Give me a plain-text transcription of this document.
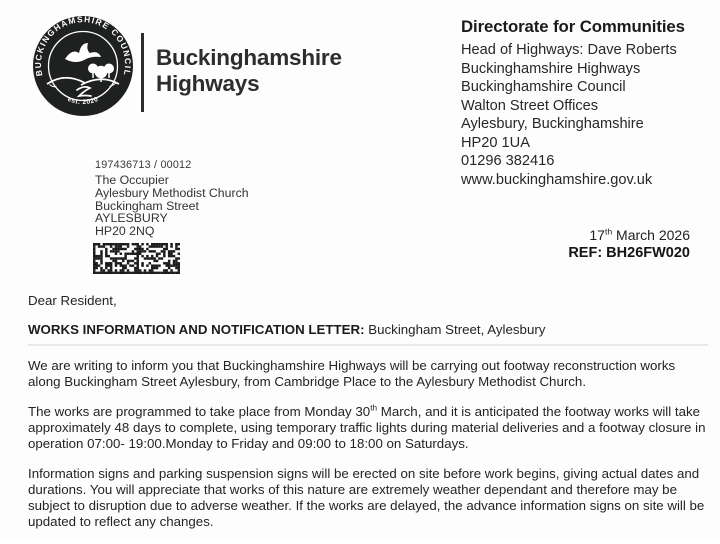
BUCKINGHAMSHIRE COUNCIL
est. 2020
Buckinghamshire
Highways
Directorate for Communities
Head of Highways: Dave Roberts
Buckinghamshire Highways
Buckinghamshire Council
Walton Street Offices
Aylesbury, Buckinghamshire
HP20 1UA
01296 382416
www.buckinghamshire.gov.uk
197436713 / 00012
The Occupier
Aylesbury Methodist Church
Buckingham Street
AYLESBURY
HP20 2NQ	17th March 2026
REF: BH26FW020

Dear Resident,

WORKS INFORMATION AND NOTIFICATION LETTER: Buckingham Street, Aylesbury

We are writing to inform you that Buckinghamshire Highways will be carrying out footway reconstruction works along Buckingham Street Aylesbury, from Cambridge Place to the Aylesbury Methodist Church.

The works are programmed to take place from Monday 30th March, and it is anticipated the footway works will take approximately 48 days to complete, using temporary traffic lights during material deliveries and a footway closure in operation 07:00- 19:00.Monday to Friday and 09:00 to 18:00 on Saturdays.

Information signs and parking suspension signs will be erected on site before work begins, giving actual dates and durations. You will appreciate that works of this nature are extremely weather dependant and therefore may be subject to disruption due to adverse weather. If the works are delayed, the advance information signs on site will be updated to reflect any changes.
